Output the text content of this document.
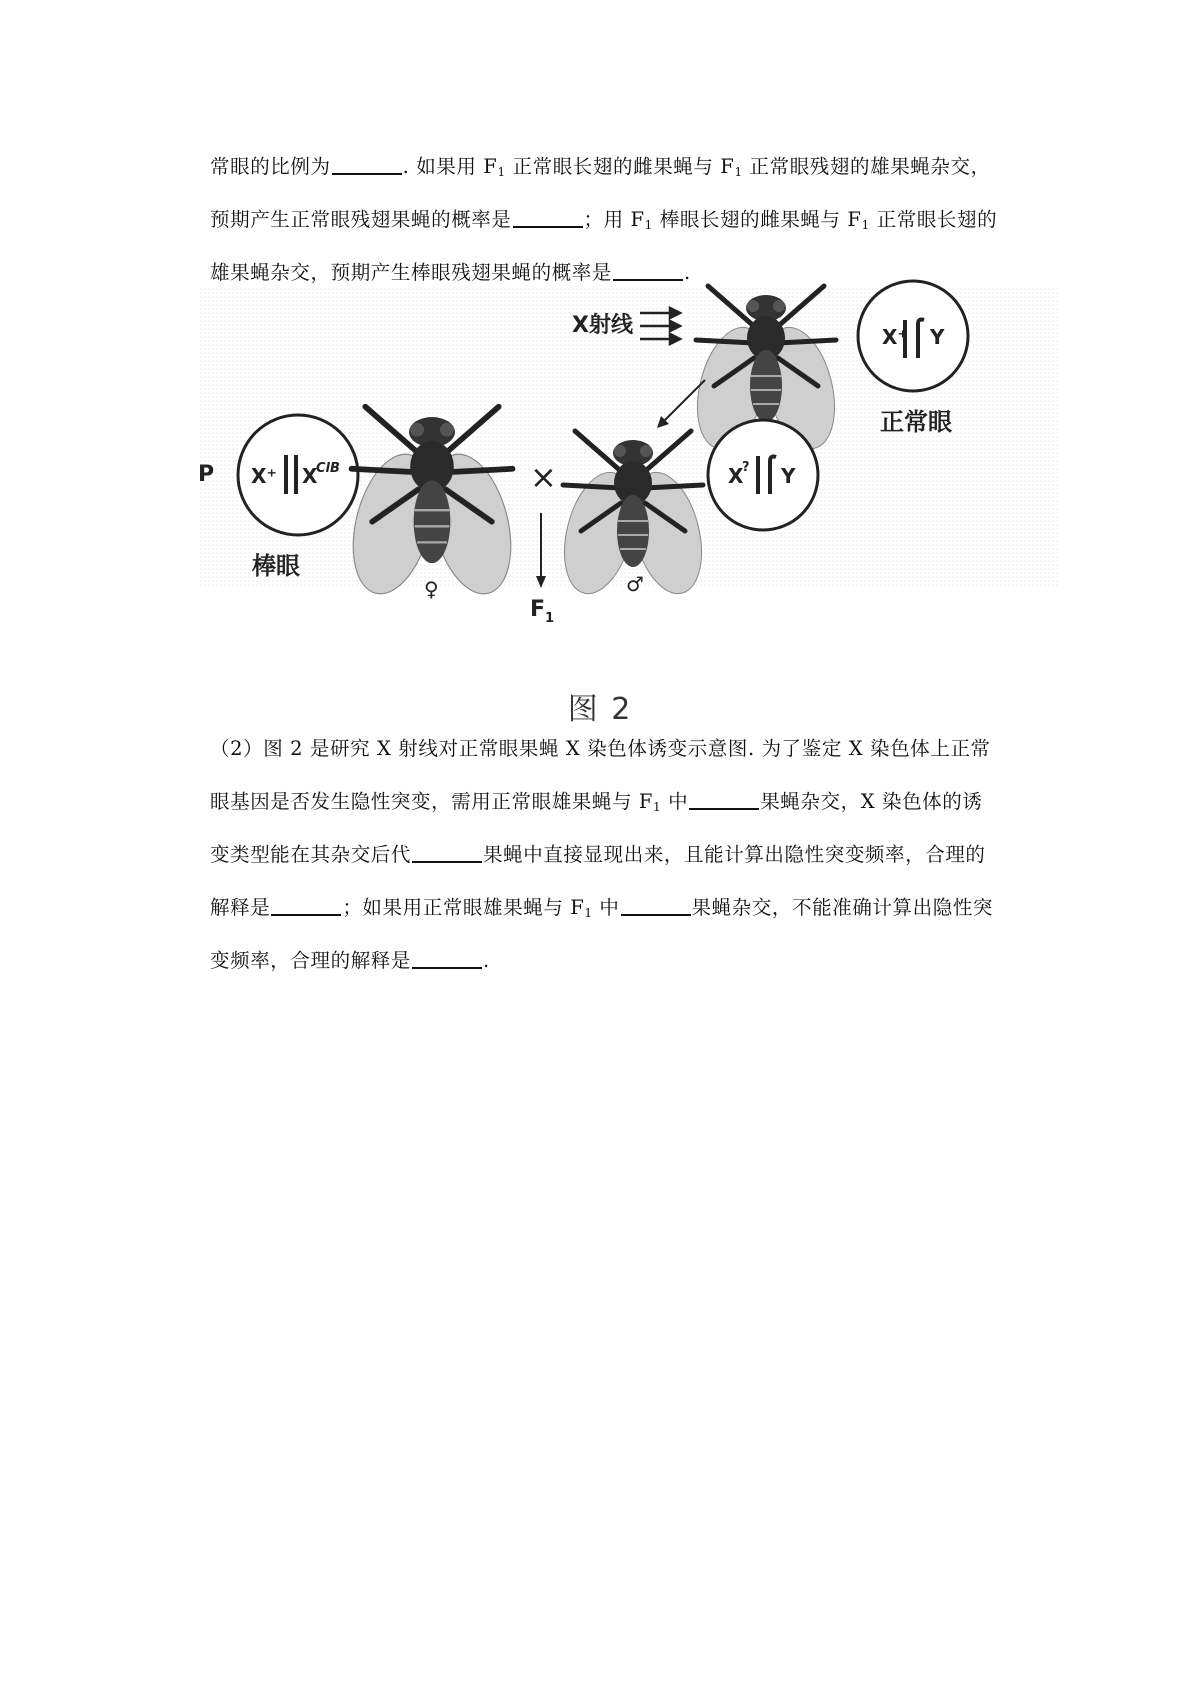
常眼的比例为	. 如果用 $F_1$ 正常眼长翅的雌果蝇与 $F_1$ 正常眼残翅的雄果蝇杂交，
预期产生正常眼残翅果蝇的概率是	；用 $F_1$ 棒眼长翅的雌果蝇与 $F_1$ 正常眼长翅的
雄果蝇杂交，预期产生棒眼残翅果蝇的概率是	.
X射线	X⁺ Y
正常眼
P X⁺ X
ClB
棒眼
♀
×
F 1
♂
X
? Y
图 2
（2）图 2 是研究 X 射线对正常眼果蝇 X 染色体诱变示意图. 为了鉴定 X 染色体上正常
眼基因是否发生隐性突变，需用正常眼雄果蝇与 $F_1$ 中	果蝇杂交，X 染色体的诱
变类型能在其杂交后代	果蝇中直接显现出来，且能计算出隐性突变频率，合理的
解释是	；如果用正常眼雄果蝇与 $F_1$ 中	果蝇杂交，不能准确计算出隐性突
变频率，合理的解释是	.
